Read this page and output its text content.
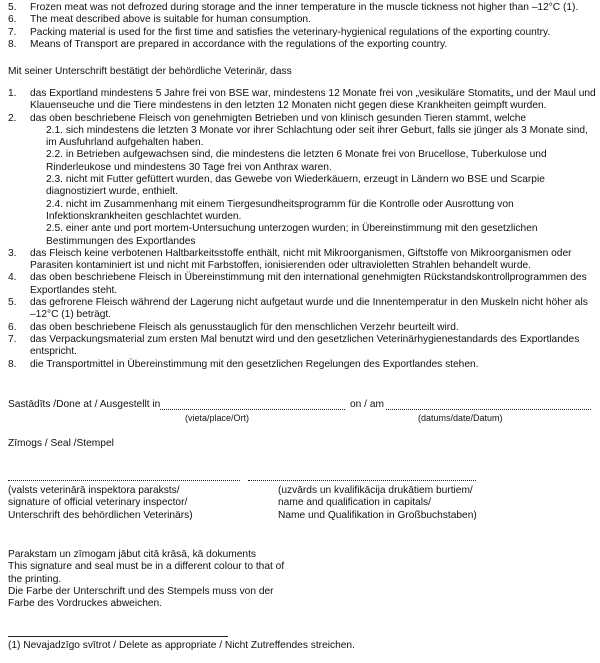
5. Frozen meat was not defrozed during storage and the inner temperature in the muscle tickness not higher than –12°C (1).

6. The meat described above is suitable for human consumption.

7. Packing material is used for the first time and satisfies the veterinary-hygienical regulations of the exporting country.

8. Means of Transport are prepared in accordance with the regulations of the exporting country.

Mit seiner Unterschrift bestätigt der behördliche Veterinär, dass
1. das Exportland mindestens 5 Jahre frei von BSE war, mindestens 12 Monate frei von „vesikuläre Stomatits„ und der Maul und Klauenseuche und die Tiere mindestens in den letzten 12 Monaten nicht gegen diese Krankheiten geimpft wurden.

2. das oben beschriebene Fleisch von genehmigten Betrieben und von klinisch gesunden Tieren stammt, welche

2.1. sich mindestens die letzten 3 Monate vor ihrer Schlachtung oder seit ihrer Geburt, falls sie jünger als 3 Monate sind, im Ausfuhrland aufgehalten haben.
2.2. in Betrieben aufgewachsen sind, die mindestens die letzten 6 Monate frei von Brucellose, Tuberkulose und Rinderleukose und mindestens 30 Tage frei von Anthrax waren.
2.3. nicht mit Futter gefüttert wurden, das Gewebe von Wiederkäuern, erzeugt in Ländern wo BSE und Scarpie diagnostiziert wurde, enthielt.
2.4. nicht im Zusammenhang mit einem Tiergesundheitsprogramm für die Kontrolle oder Ausrottung von Infektionskrankheiten geschlachtet wurden.
2.5. einer ante und port mortem-Untersuchung unterzogen wurden; in Übereinstimmung mit den gesetzlichen Bestimmungen des Exportlandes
3. das Fleisch keine verbotenen Haltbarkeitsstoffe enthält, nicht mit Mikroorganismen, Giftstoffe von Mikroorganismen oder Parasiten kontaminiert ist und nicht mit Farbstoffen, ionisierenden oder ultravioletten Strahlen behandelt wurde.

4. das oben beschriebene Fleisch in Übereinstimmung mit den international genehmigten Rückstandskontrollprogrammen des Exportlandes steht.

5. das gefrorene Fleisch während der Lagerung nicht aufgetaut wurde und die Innentemperatur in den Muskeln nicht höher als –12°C (1) beträgt.

6. das oben beschriebene Fleisch als genusstauglich für den menschlichen Verzehr beurteilt wird.

7. das Verpackungsmaterial zum ersten Mal benutzt wird und den gesetzlichen Veterinärhygienestandards des Exportlandes entspricht.

8. die Transportmittel in Übereinstimmung mit den gesetzlichen Regelungen des Exportlandes stehen.

Sastādīts /Done at / Ausgestellt in	on / am
(vieta/place/Ort)	(datums/date/Datum)
Zīmogs / Seal /Stempel
(valsts veterinārā inspektora paraksts/
signature of official veterinary inspector/
Unterschrift des behördlichen Veterinärs)
(uzvārds un kvalifikācija drukātiem burtiem/
name and qualification in capitals/
Name und Qualifikation in Großbuchstaben)
Parakstam un zīmogam jābut citā krāsā, kā dokuments
This signature and seal must be in a different colour to that of
the printing.
Die Farbe der Unterschrift und des Stempels muss von der
Farbe des Vordruckes abweichen.
(1) Nevajadzīgo svītrot / Delete as appropriate / Nicht Zutreffendes streichen.
